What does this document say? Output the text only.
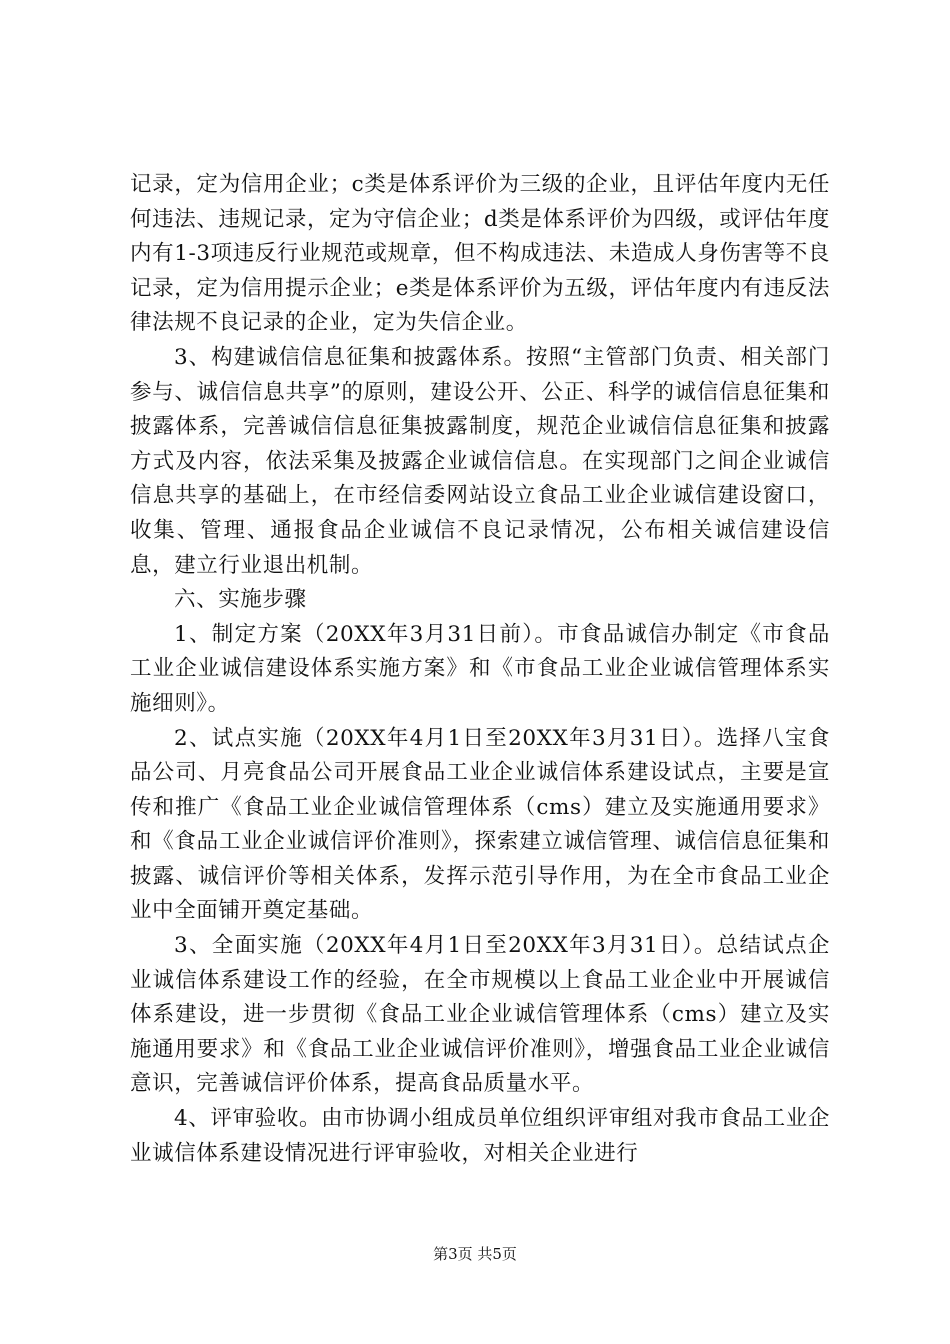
记录，定为信用企业；c类是体系评价为三级的企业，且评估年度内无任何违法、违规记录，定为守信企业；d类是体系评价为四级，或评估年度内有1-3项违反行业规范或规章，但不构成违法、未造成人身伤害等不良记录，定为信用提示企业；e类是体系评价为五级，评估年度内有违反法律法规不良记录的企业，定为失信企业。

3、构建诚信信息征集和披露体系。按照“主管部门负责、相关部门参与、诚信信息共享”的原则，建设公开、公正、科学的诚信信息征集和披露体系，完善诚信信息征集披露制度，规范企业诚信信息征集和披露方式及内容，依法采集及披露企业诚信信息。在实现部门之间企业诚信信息共享的基础上，在市经信委网站设立食品工业企业诚信建设窗口，收集、管理、通报食品企业诚信不良记录情况，公布相关诚信建设信息，建立行业退出机制。

六、实施步骤

1、制定方案（20XX年3月31日前）。市食品诚信办制定《市食品工业企业诚信建设体系实施方案》和《市食品工业企业诚信管理体系实施细则》。

2、试点实施（20XX年4月1日至20XX年3月31日）。选择八宝食品公司、月亮食品公司开展食品工业企业诚信体系建设试点，主要是宣传和推广《食品工业企业诚信管理体系（cms）建立及实施通用要求》和《食品工业企业诚信评价准则》，探索建立诚信管理、诚信信息征集和披露、诚信评价等相关体系，发挥示范引导作用，为在全市食品工业企业中全面铺开奠定基础。

3、全面实施（20XX年4月1日至20XX年3月31日）。总结试点企业诚信体系建设工作的经验，在全市规模以上食品工业企业中开展诚信体系建设，进一步贯彻《食品工业企业诚信管理体系（cms）建立及实施通用要求》和《食品工业企业诚信评价准则》，增强食品工业企业诚信意识，完善诚信评价体系，提高食品质量水平。

4、评审验收。由市协调小组成员单位组织评审组对我市食品工业企业诚信体系建设情况进行评审验收，对相关企业进行

第3页 共5页
